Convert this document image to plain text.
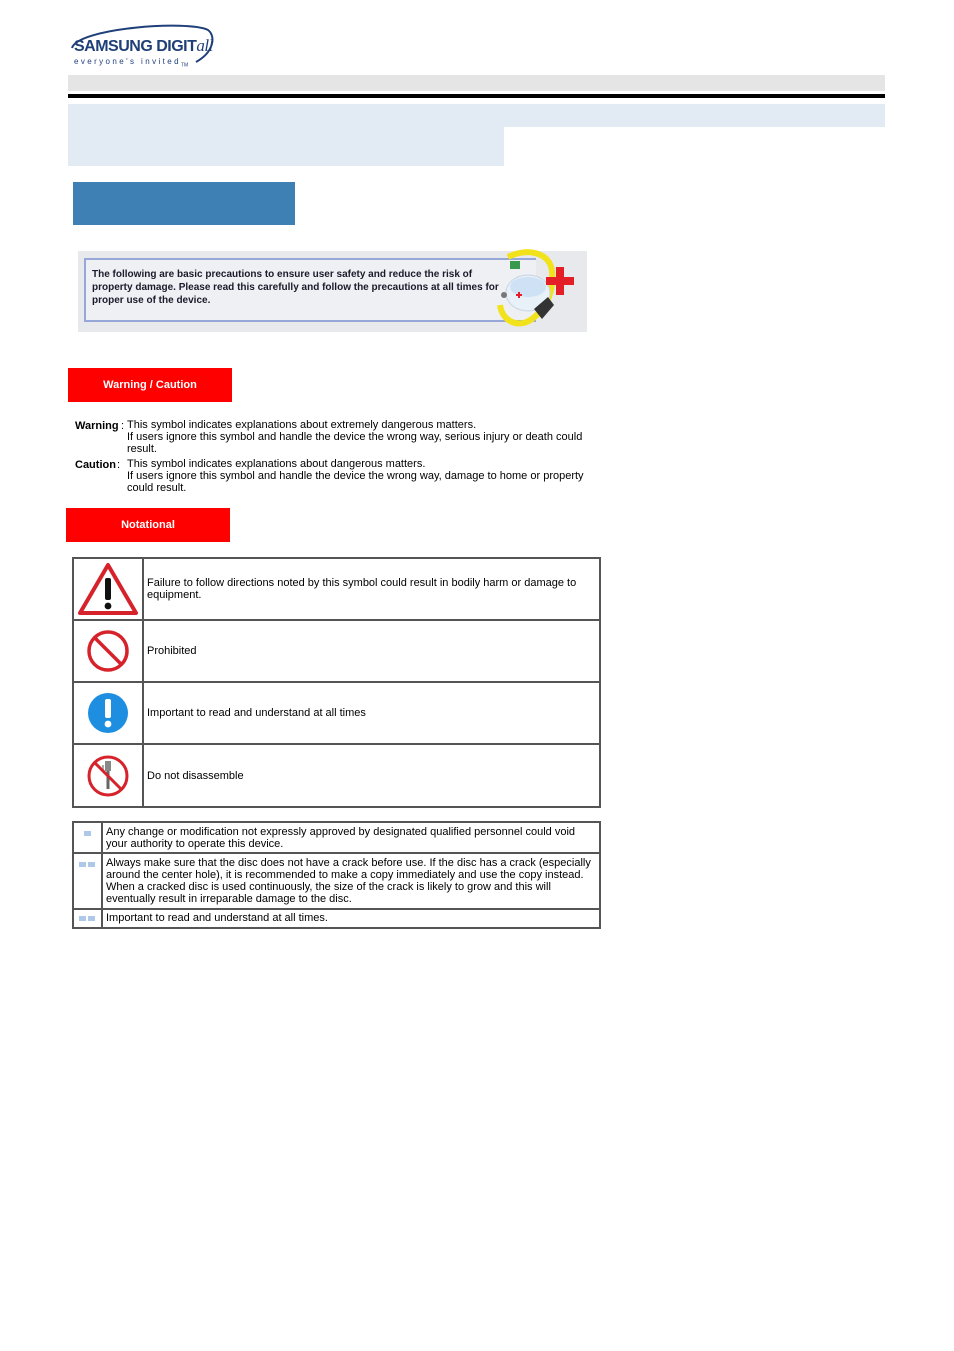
SAMSUNG DIGITall
everyone's invited$_{TM}$

The following are basic precautions to ensure user safety and reduce the risk of property damage. Please read this carefully and follow the precautions at all times for proper use of the device.

Warning / Caution
Warning : This symbol indicates explanations about extremely dangerous matters.
If users ignore this symbol and handle the device the wrong way, serious injury or death could result.
Caution : This symbol indicates explanations about dangerous matters.
If users ignore this symbol and handle the device the wrong way, damage to home or property could result.
Notational
Failure to follow directions noted by this symbol could result in bodily harm or damage to equipment.
Prohibited
Important to read and understand at all times
Do not disassemble
Any change or modification not expressly approved by designated qualified personnel could void your authority to operate this device.
Always make sure that the disc does not have a crack before use. If the disc has a crack (especially around the center hole), it is recommended to make a copy immediately and use the copy instead. When a cracked disc is used continuously, the size of the crack is likely to grow and this will eventually result in irreparable damage to the disc.
Important to read and understand at all times.
